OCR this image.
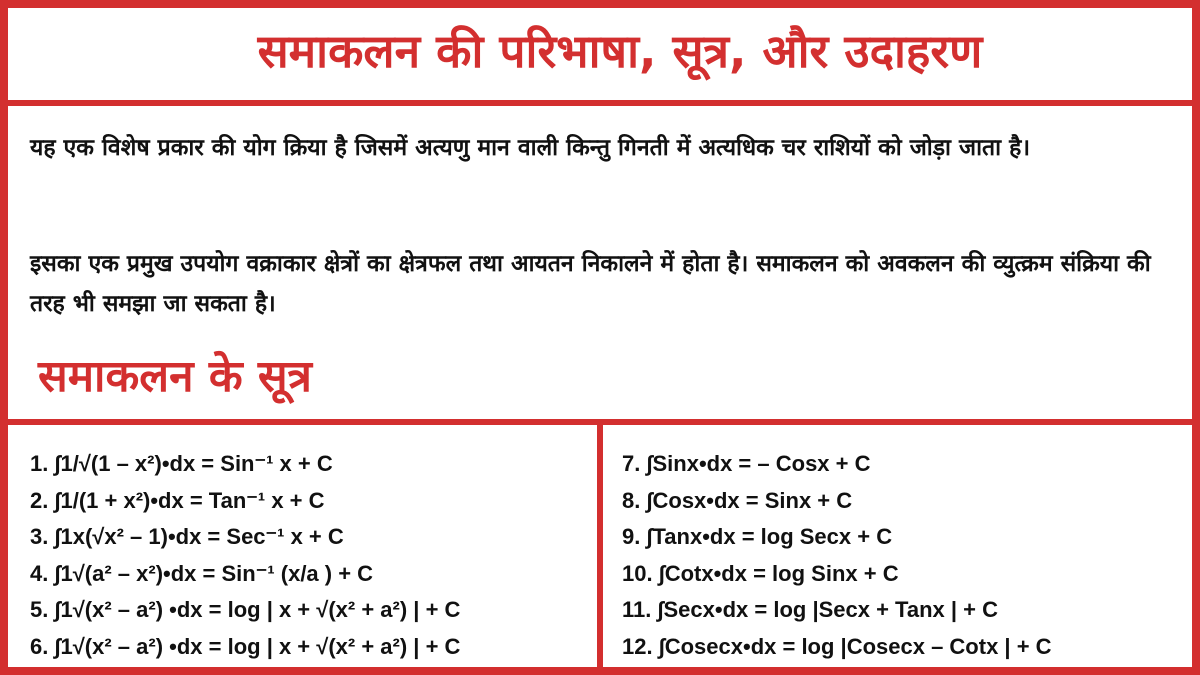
समाकलन की परिभाषा, सूत्र, और उदाहरण

यह एक विशेष प्रकार की योग क्रिया है जिसमें अत्यणु मान वाली किन्तु गिनती में अत्यधिक चर राशियों को जोड़ा जाता है।

इसका एक प्रमुख उपयोग वक्राकार क्षेत्रों का क्षेत्रफल तथा आयतन निकालने में होता है। समाकलन को अवकलन की व्युत्क्रम संक्रिया की तरह भी समझा जा सकता है।

समाकलन के सूत्र
1. ∫1/√(1 – x²)•dx = Sin⁻¹ x + C
2. ∫1/(1 + x²)•dx = Tan⁻¹ x + C
3. ∫1x(√x² – 1)•dx = Sec⁻¹ x + C
4. ∫1√(a² – x²)•dx = Sin⁻¹ (x/a ) + C
5. ∫1√(x² – a²) •dx = log | x + √(x² + a²) | + C
6. ∫1√(x² – a²) •dx = log | x + √(x² + a²) | + C
7. ∫Sinx•dx = – Cosx + C
8. ∫Cosx•dx = Sinx + C
9. ∫Tanx•dx = log Secx + C
10. ∫Cotx•dx = log Sinx + C
11. ∫Secx•dx = log |Secx + Tanx | + C
12. ∫Cosecx•dx = log |Cosecx – Cotx | + C
